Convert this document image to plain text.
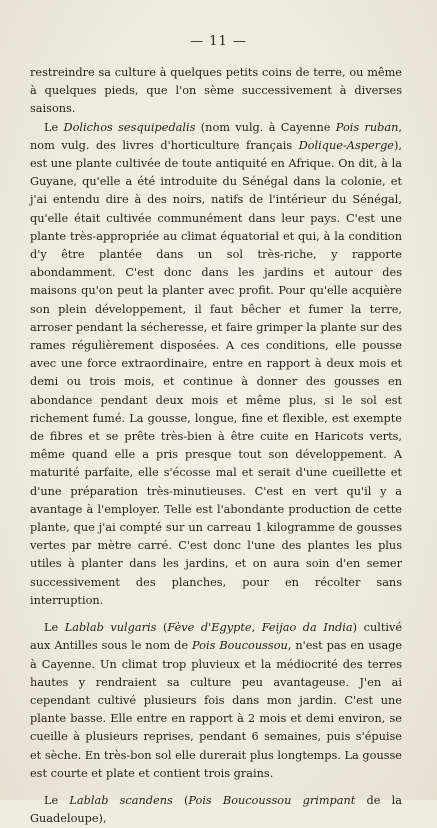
— 11 —

restreindre sa culture à quelques petits coins de terre, ou même à quelques pieds, que l'on sème successivement à diverses saisons.

Le Dolichos sesquipedalis (nom vulg. à Cayenne Pois ruban, nom vulg. des livres d'horticulture français Dolique-Asperge), est une plante cultivée de toute antiquité en Afrique. On dit, à la Guyane, qu'elle a été introduite du Sénégal dans la colonie, et j'ai entendu dire à des noirs, natifs de l'intérieur du Sénégal, qu'elle était cultivée communément dans leur pays. C'est une plante très-appropriée au climat équatorial et qui, à la condition d'y être plantée dans un sol très-riche, y rapporte abondamment. C'est donc dans les jardins et autour des maisons qu'on peut la planter avec profit. Pour qu'elle acquière son plein développement, il faut bêcher et fumer la terre, arroser pendant la sécheresse, et faire grimper la plante sur des rames régulièrement disposées. A ces conditions, elle pousse avec une force extraordinaire, entre en rapport à deux mois et demi ou trois mois, et continue à donner des gousses en abondance pendant deux mois et même plus, si le sol est richement fumé. La gousse, longue, fine et flexible, est exempte de fibres et se prête très-bien à être cuite en Haricots verts, même quand elle a pris presque tout son développement. A maturité parfaite, elle s'écosse mal et serait d'une cueillette et d'une préparation très-minutieuses. C'est en vert qu'il y a avantage à l'employer. Telle est l'abondante production de cette plante, que j'ai compté sur un carreau 1 kilogramme de gousses vertes par mètre carré. C'est donc l'une des plantes les plus utiles à planter dans les jardins, et on aura soin d'en semer successivement des planches, pour en récolter sans interruption.

Le Lablab vulgaris (Fève d'Egypte, Feijao da India) cultivé aux Antilles sous le nom de Pois Boucoussou, n'est pas en usage à Cayenne. Un climat trop pluvieux et la médiocrité des terres hautes y rendraient sa culture peu avantageuse. J'en ai cependant cultivé plusieurs fois dans mon jardin. C'est une plante basse. Elle entre en rapport à 2 mois et demi environ, se cueille à plusieurs reprises, pendant 6 semaines, puis s'épuise et sèche. En très-bon sol elle durerait plus longtemps. La gousse est courte et plate et contient trois grains.

Le Lablab scandens (Pois Boucoussou grimpant de la Guadeloupe),
